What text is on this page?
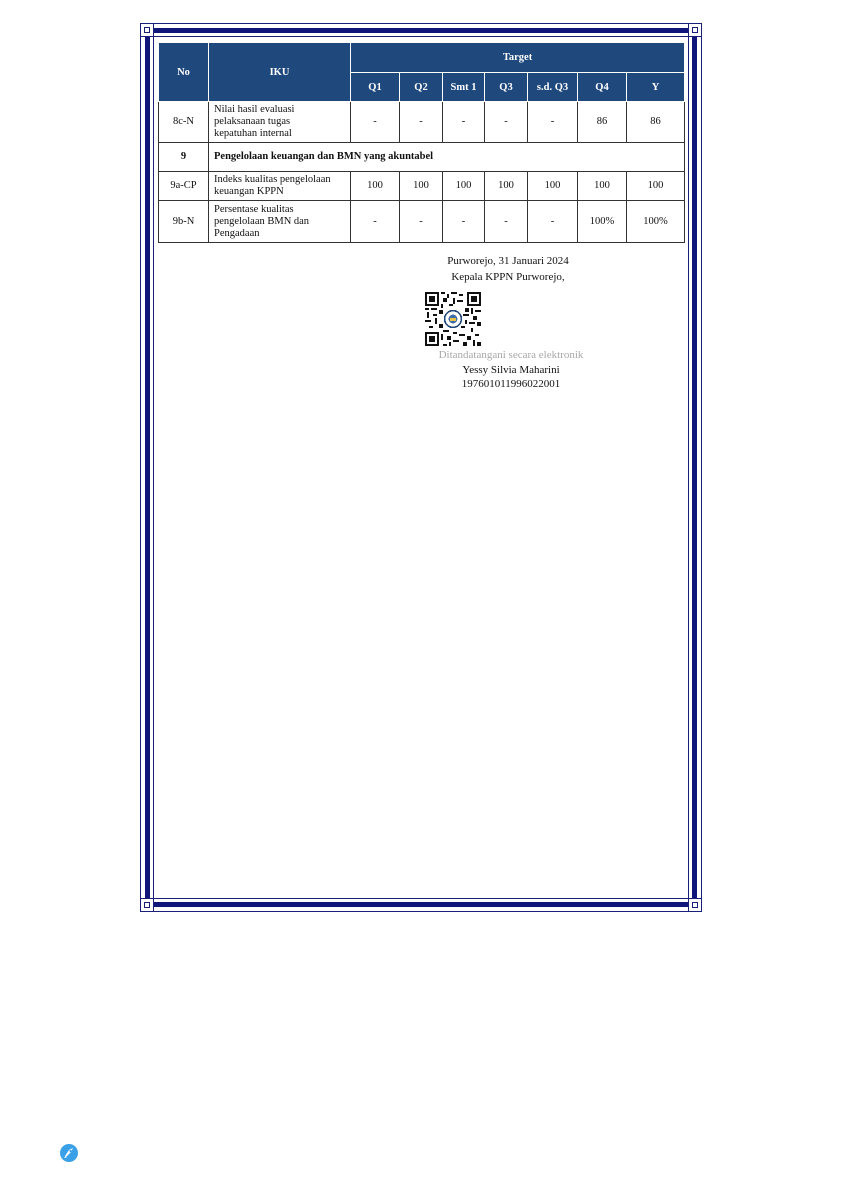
No	IKU	Target						
		Q1	Q2	Smt 1	Q3	s.d. Q3	Q4	Y
8c-N	Nilai hasil evaluasi
pelaksanaan tugas
kepatuhan internal	-	-	-	-	-	86	86
9	Pengelolaan keuangan dan BMN yang akuntabel							
9a-CP	Indeks kualitas pengelolaan
keuangan KPPN	100	100	100	100	100	100	100
9b-N	Persentase kualitas
pengelolaan BMN dan
Pengadaan	-	-	-	-	-	100%	100%
Purworejo, 31 Januari 2024
Kepala KPPN Purworejo,
Ditandatangani secara elektronik
Yessy Silvia Maharini
197601011996022001
